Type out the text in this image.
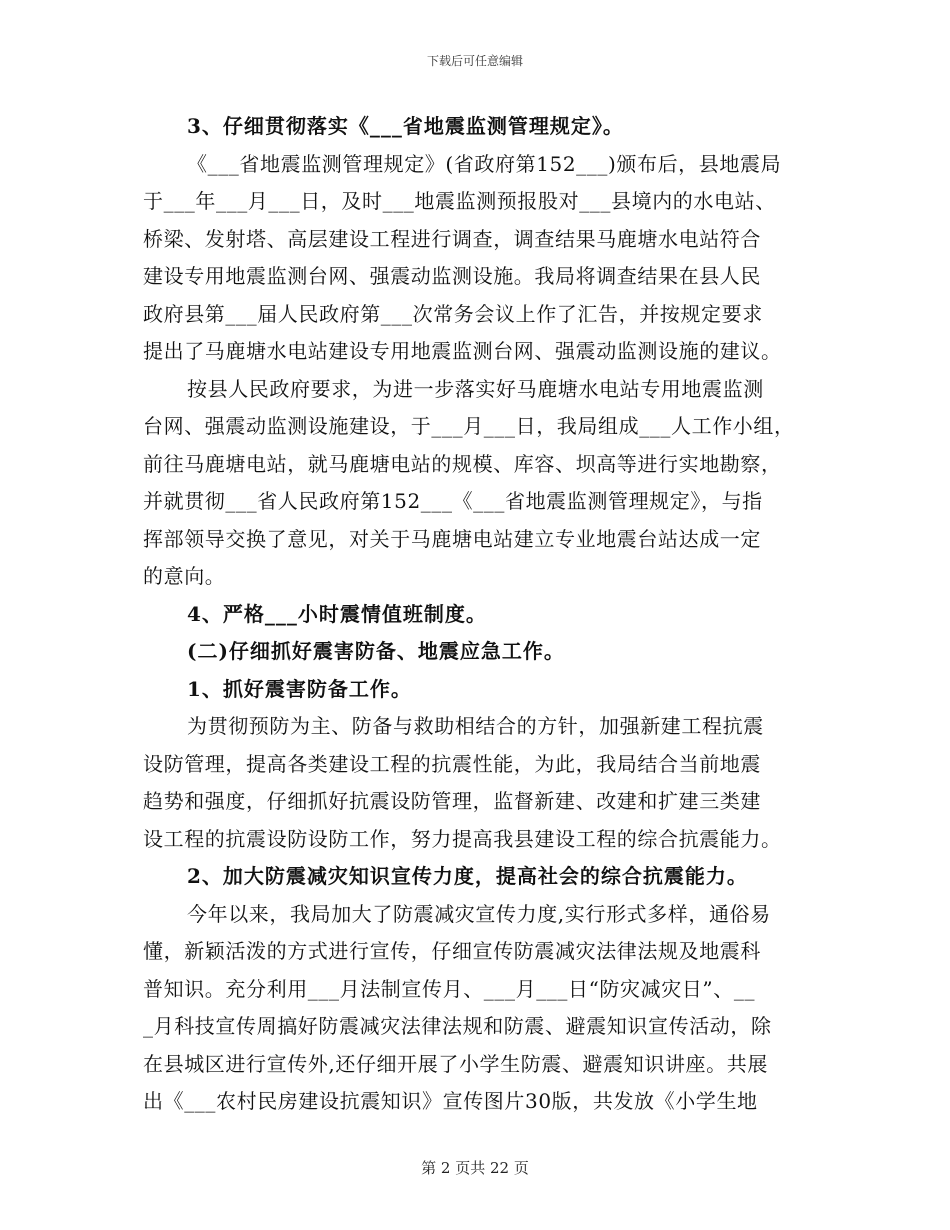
下载后可任意编辑
3、仔细贯彻落实《___省地震监测管理规定》。
《___省地震监测管理规定》(省政府第152___)颁布后，县地震局
于___年___月___日，及时___地震监测预报股对___县境内的水电站、
桥梁、发射塔、高层建设工程进行调查，调查结果马鹿塘水电站符合
建设专用地震监测台网、强震动监测设施。我局将调查结果在县人民
政府县第___届人民政府第___次常务会议上作了汇告，并按规定要求
提出了马鹿塘水电站建设专用地震监测台网、强震动监测设施的建议。
按县人民政府要求，为进一步落实好马鹿塘水电站专用地震监测
台网、强震动监测设施建设，于___月___日，我局组成___人工作小组，
前往马鹿塘电站，就马鹿塘电站的规模、库容、坝高等进行实地勘察，
并就贯彻___省人民政府第152___《___省地震监测管理规定》，与指
挥部领导交换了意见，对关于马鹿塘电站建立专业地震台站达成一定
的意向。
4、严格___小时震情值班制度。
(二)仔细抓好震害防备、地震应急工作。
1、抓好震害防备工作。
为贯彻预防为主、防备与救助相结合的方针，加强新建工程抗震
设防管理，提高各类建设工程的抗震性能，为此，我局结合当前地震
趋势和强度，仔细抓好抗震设防管理，监督新建、改建和扩建三类建
设工程的抗震设防设防工作，努力提高我县建设工程的综合抗震能力。
2、加大防震减灾知识宣传力度，提高社会的综合抗震能力。
今年以来，我局加大了防震减灾宣传力度,实行形式多样，通俗易
懂，新颖活泼的方式进行宣传，仔细宣传防震减灾法律法规及地震科
普知识。充分利用___月法制宣传月、___月___日“防灾减灾日”、__
_月科技宣传周搞好防震减灾法律法规和防震、避震知识宣传活动，除
在县城区进行宣传外,还仔细开展了小学生防震、避震知识讲座。共展
出《___农村民房建设抗震知识》宣传图片30版，共发放《小学生地
第 2 页共 22 页
